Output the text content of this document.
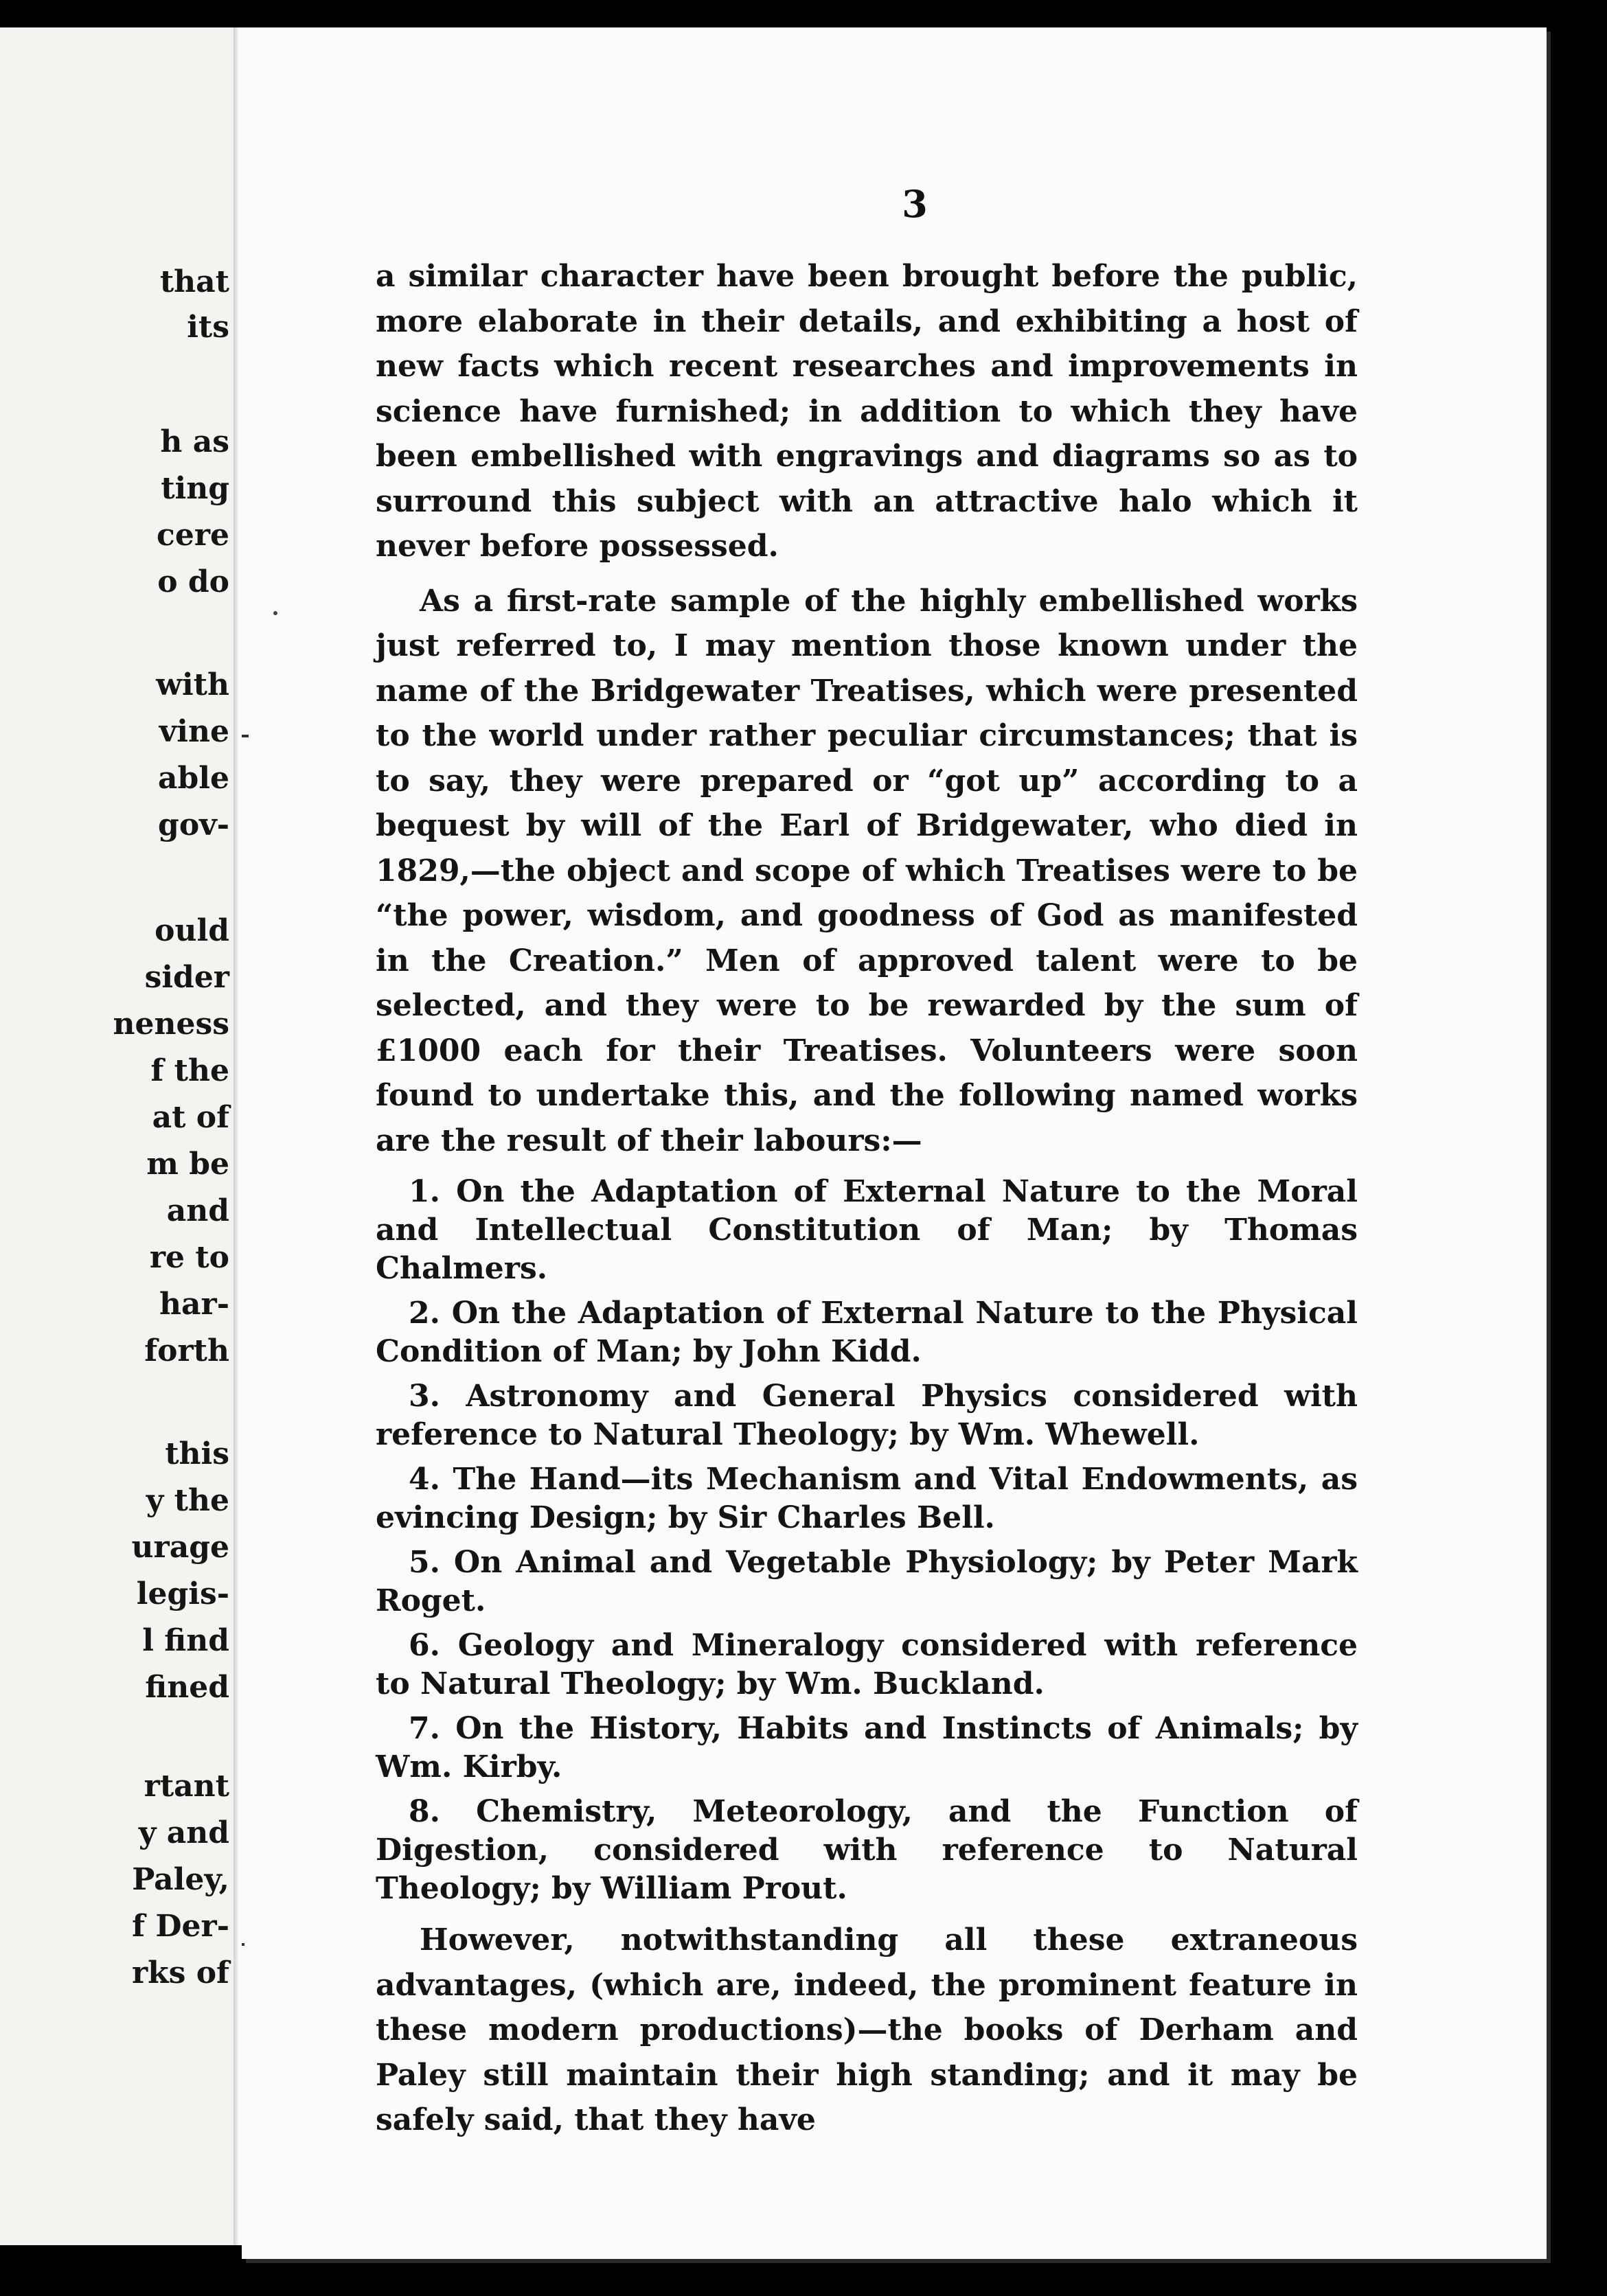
that
its
h as
ting
cere
o do
with
vine
able
gov-
ould
sider
neness
f the
at of
m be
and
re to
har-
forth
this
y the
urage
legis-
l find
fined
rtant
y and
Paley,
f Der-
rks of
3

a similar character have been brought before the public, more elaborate in their details, and exhibiting a host of new facts which recent researches and improvements in science have furnished; in addition to which they have been embellished with engravings and diagrams so as to surround this subject with an attractive halo which it never before possessed.

As a first-rate sample of the highly embellished works just referred to, I may mention those known under the name of the Bridgewater Treatises, which were presented to the world under rather peculiar circumstances; that is to say, they were prepared or “got up” according to a bequest by will of the Earl of Bridgewater, who died in 1829,—the object and scope of which Treatises were to be “the power, wisdom, and goodness of God as manifested in the Creation.” Men of approved talent were to be selected, and they were to be rewarded by the sum of £1000 each for their Treatises. Volunteers were soon found to undertake this, and the following named works are the result of their labours:—

1. On the Adaptation of External Nature to the Moral and Intellectual Constitution of Man; by Thomas Chalmers.

2. On the Adaptation of External Nature to the Physical Condition of Man; by John Kidd.

3. Astronomy and General Physics considered with reference to Natural Theology; by Wm. Whewell.

4. The Hand—its Mechanism and Vital Endowments, as evincing Design; by Sir Charles Bell.

5. On Animal and Vegetable Physiology; by Peter Mark Roget.

6. Geology and Mineralogy considered with reference to Natural Theology; by Wm. Buckland.

7. On the History, Habits and Instincts of Animals; by Wm. Kirby.

8. Chemistry, Meteorology, and the Function of Digestion, considered with reference to Natural Theology; by William Prout.

However, notwithstanding all these extraneous advantages, (which are, indeed, the prominent feature in these modern productions)—the books of Derham and Paley still maintain their high standing; and it may be safely said, that they have
